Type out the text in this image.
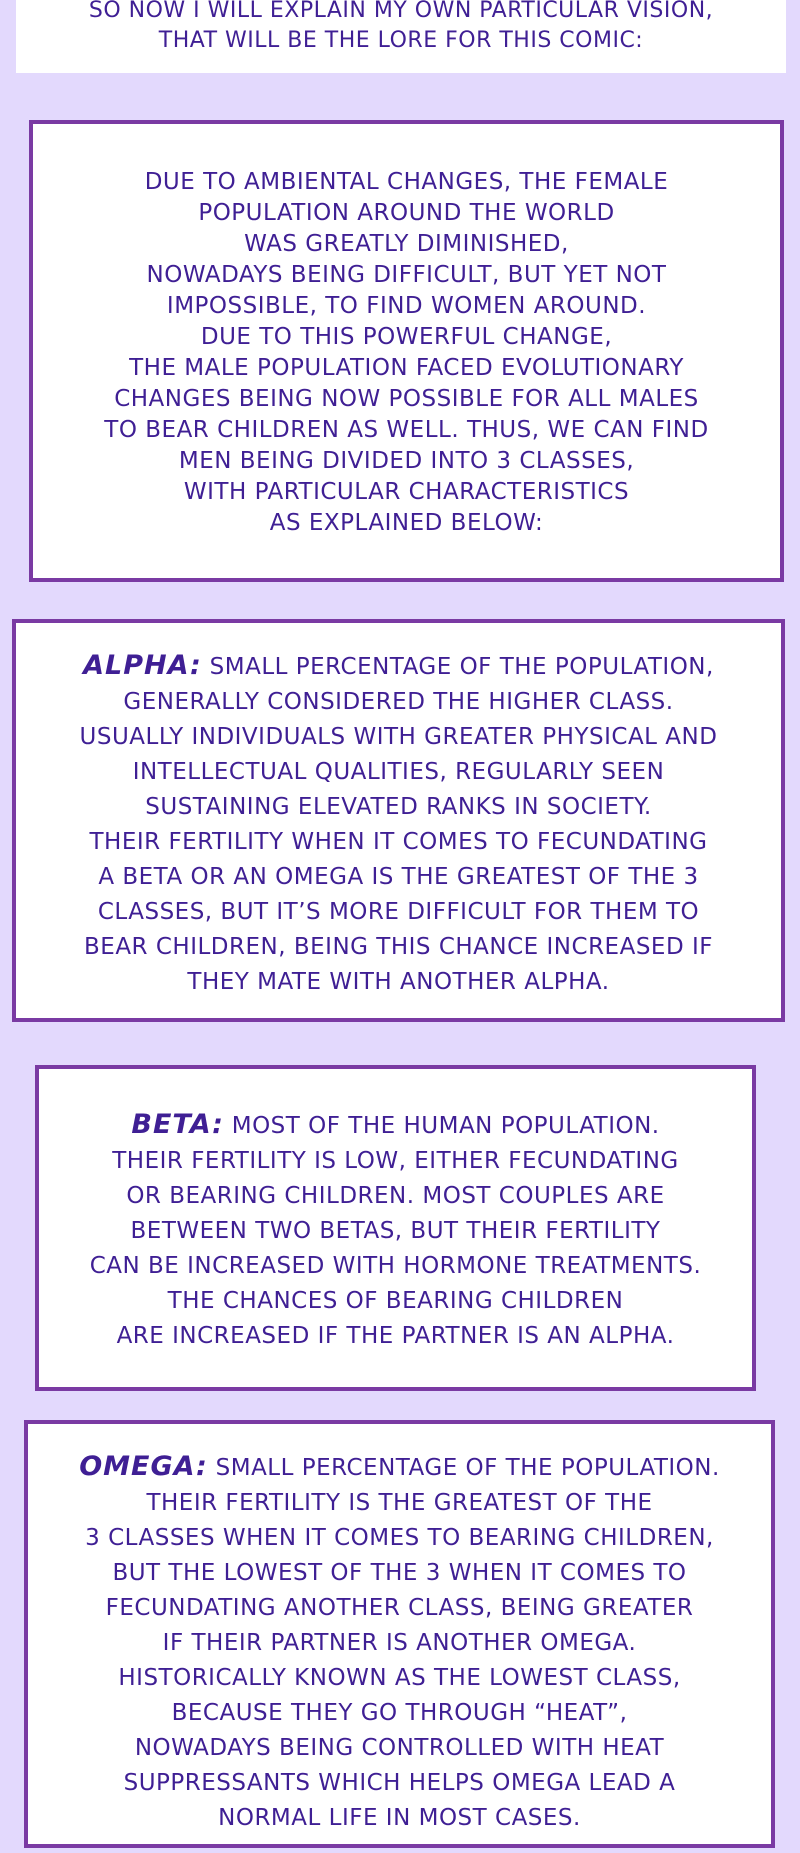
SO NOW I WILL EXPLAIN MY OWN PARTICULAR VISION,
THAT WILL BE THE LORE FOR THIS COMIC:

DUE TO AMBIENTAL CHANGES, THE FEMALE
POPULATION AROUND THE WORLD
WAS GREATLY DIMINISHED,
NOWADAYS BEING DIFFICULT, BUT YET NOT
IMPOSSIBLE, TO FIND WOMEN AROUND.
DUE TO THIS POWERFUL CHANGE,
THE MALE POPULATION FACED EVOLUTIONARY
CHANGES BEING NOW POSSIBLE FOR ALL MALES
TO BEAR CHILDREN AS WELL. THUS, WE CAN FIND
MEN BEING DIVIDED INTO 3 CLASSES,
WITH PARTICULAR CHARACTERISTICS
AS EXPLAINED BELOW:

ALPHA: SMALL PERCENTAGE OF THE POPULATION,
GENERALLY CONSIDERED THE HIGHER CLASS.
USUALLY INDIVIDUALS WITH GREATER PHYSICAL AND
INTELLECTUAL QUALITIES, REGULARLY SEEN
SUSTAINING ELEVATED RANKS IN SOCIETY.
THEIR FERTILITY WHEN IT COMES TO FECUNDATING
A BETA OR AN OMEGA IS THE GREATEST OF THE 3
CLASSES, BUT IT’S MORE DIFFICULT FOR THEM TO
BEAR CHILDREN, BEING THIS CHANCE INCREASED IF
THEY MATE WITH ANOTHER ALPHA.

BETA: MOST OF THE HUMAN POPULATION.
THEIR FERTILITY IS LOW, EITHER FECUNDATING
OR BEARING CHILDREN. MOST COUPLES ARE
BETWEEN TWO BETAS, BUT THEIR FERTILITY
CAN BE INCREASED WITH HORMONE TREATMENTS.
THE CHANCES OF BEARING CHILDREN
ARE INCREASED IF THE PARTNER IS AN ALPHA.

OMEGA: SMALL PERCENTAGE OF THE POPULATION.
THEIR FERTILITY IS THE GREATEST OF THE
3 CLASSES WHEN IT COMES TO BEARING CHILDREN,
BUT THE LOWEST OF THE 3 WHEN IT COMES TO
FECUNDATING ANOTHER CLASS, BEING GREATER
IF THEIR PARTNER IS ANOTHER OMEGA.
HISTORICALLY KNOWN AS THE LOWEST CLASS,
BECAUSE THEY GO THROUGH “HEAT”,
NOWADAYS BEING CONTROLLED WITH HEAT
SUPPRESSANTS WHICH HELPS OMEGA LEAD A
NORMAL LIFE IN MOST CASES.
